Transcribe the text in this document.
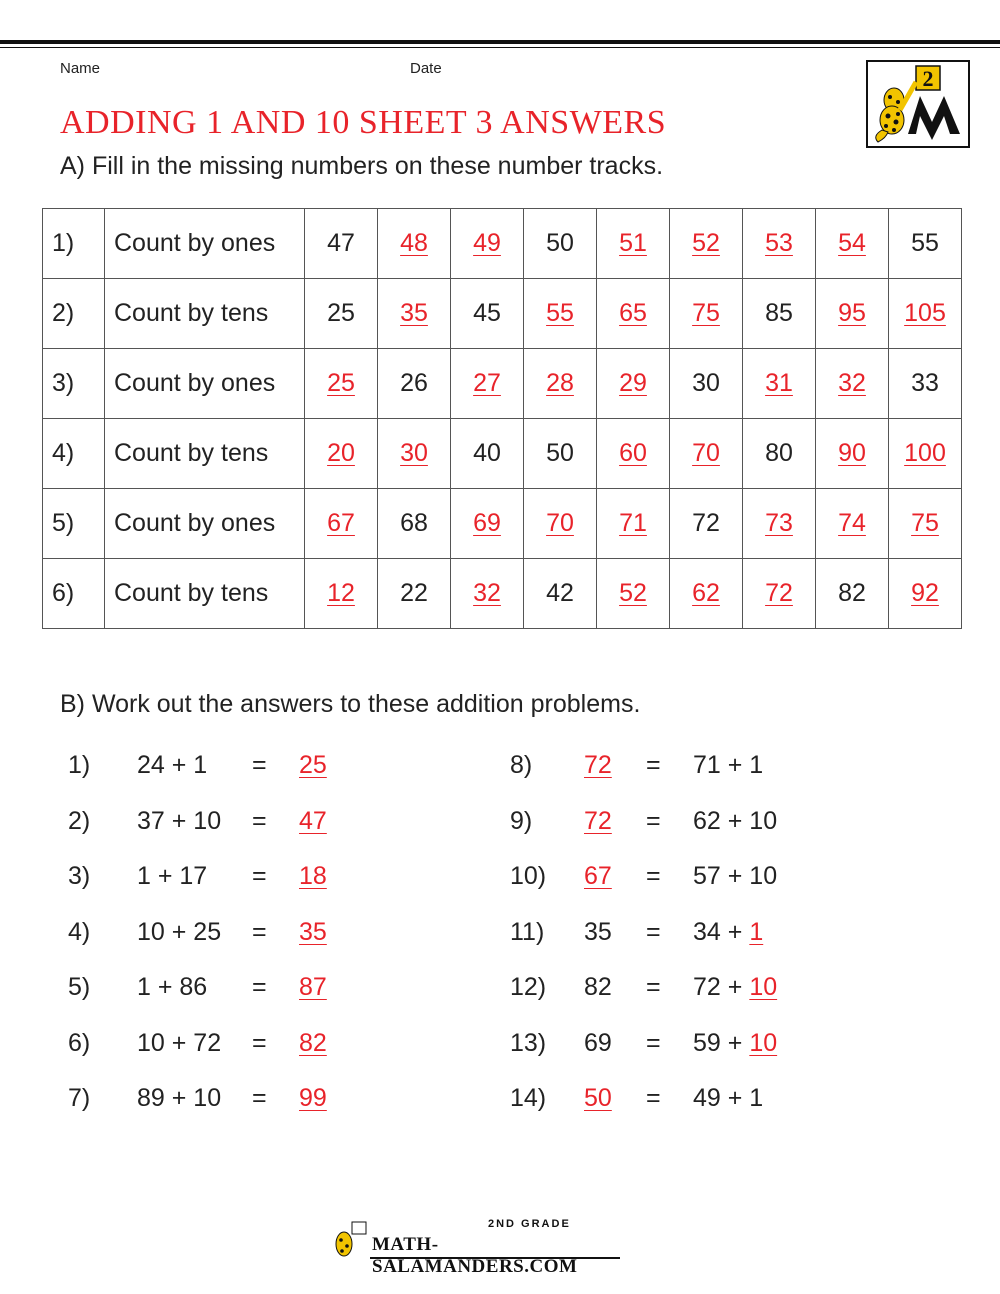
Name	Date
ADDING 1 AND 10 SHEET 3 ANSWERS
2
A) Fill in the missing numbers on these number tracks.
1)	Count by ones	47	48	49	50	51	52	53	54	55
2)	Count by tens	25	35	45	55	65	75	85	95	105
3)	Count by ones	25	26	27	28	29	30	31	32	33
4)	Count by tens	20	30	40	50	60	70	80	90	100
5)	Count by ones	67	68	69	70	71	72	73	74	75
6)	Count by tens	12	22	32	42	52	62	72	82	92
B) Work out the answers to these addition problems.
1) 24 + 1 = 25
2) 37 + 10 = 47
3) 1 + 17 = 18
4) 10 + 25 = 35
5) 1 + 86 = 87
6) 10 + 72 = 82
7) 89 + 10 = 99
8) 72 = 71 + 1
9) 72 = 62 + 10
10) 67 = 57 + 10
11) 35 = 34 + 1
12) 82 = 72 + 10
13) 69 = 59 + 10
14) 50 = 49 + 1
2ND GRADE
MATH-SALAMANDERS.COM
